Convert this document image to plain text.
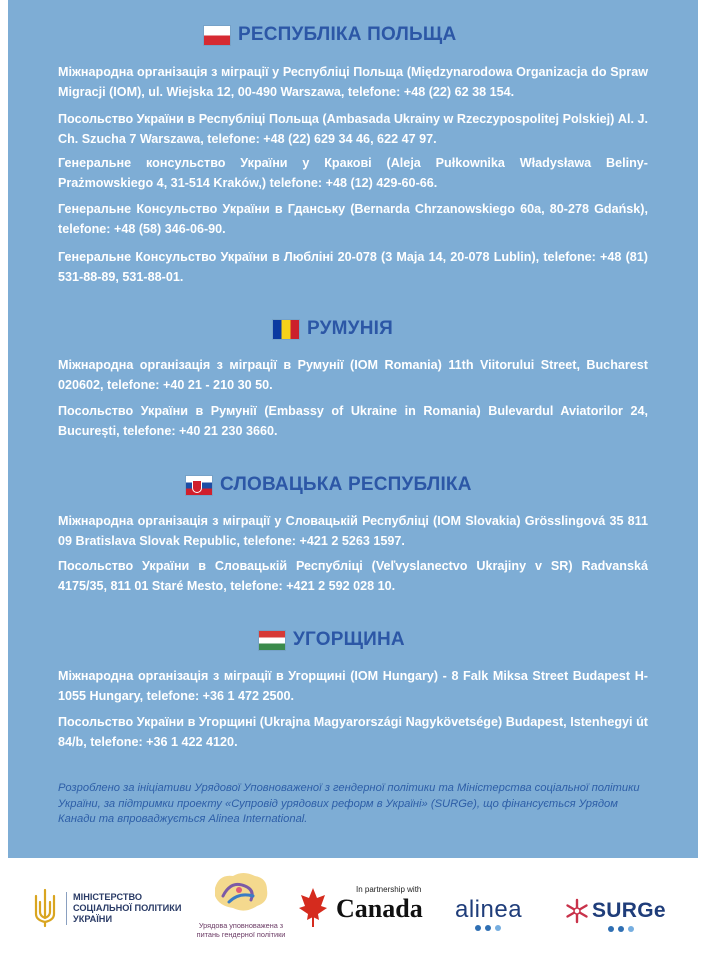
РЕСПУБЛІКА ПОЛЬЩА
Міжнародна організація з міграції у Республіці Польща (Międzynarodowa Organizacja do Spraw Migracji (IOM), ul. Wiejska 12, 00-490 Warszawa, telefone: +48 (22) 62 38 154.
Посольство України в Республіці Польща (Ambasada Ukrainy w Rzeczypospolitej Polskiej) Al. J. Ch. Szucha 7 Warszawa, telefone: +48 (22) 629 34 46, 622 47 97.
Генеральне консульство України у Кракові (Aleja Pułkownika Władysława Beliny-Prażmowskiego 4, 31-514 Kraków,) telefone: +48 (12) 429-60-66.
Генеральне Консульство України в Гданську (Bernarda Chrzanowskiego 60a, 80-278 Gdańsk), telefone: +48 (58) 346-06-90.
Генеральне Консульство України в Любліні 20-078 (3 Maja 14, 20-078 Lublin), telefone: +48 (81) 531-88-89, 531-88-01.
РУМУНІЯ
Міжнародна організація з міграції в Румунії (IOM Romania) 11th Viitorului Street, Bucharest 020602, telefone: +40 21 - 210 30 50.
Посольство України в Румунії (Embassy of Ukraine in Romania) Bulevardul Aviatorilor 24, București, telefone: +40 21 230 3660.
СЛОВАЦЬКА РЕСПУБЛІКА
Міжнародна організація з міграції у Словацькій Республіці (IOM Slovakia) Grösslingová 35 811 09 Bratislava Slovak Republic, telefone: +421 2 5263 1597.
Посольство України в Словацькій Республіці (Veľvyslanectvo Ukrajiny v SR) Radvanská 4175/35, 811 01 Staré Mesto, telefone: +421 2 592 028 10.
УГОРЩИНА
Міжнародна організація з міграції в Угорщині (IOM Hungary) - 8 Falk Miksa Street Budapest H-1055 Hungary, telefone: +36 1 472 2500.
Посольство України в Угорщині (Ukrajna Magyarországi Nagykövetsége) Budapest, Istenhegyi út 84/b, telefone: +36 1 422 4120.
Розроблено за ініціативи Урядової Уповноваженої з гендерної політики та Міністерства соціальної політики України, за підтримки проекту «Супровід урядових реформ в Україні» (SURGe), що фінансується Урядом Канади та впроваджується Alinea International.
МІНІСТЕРСТВО
СОЦІАЛЬНОЇ ПОЛІТИКИ
УКРАЇНИ
Урядова уповноважена з
питань гендерної політики
In partnership with
Canada alinea	SURGe
